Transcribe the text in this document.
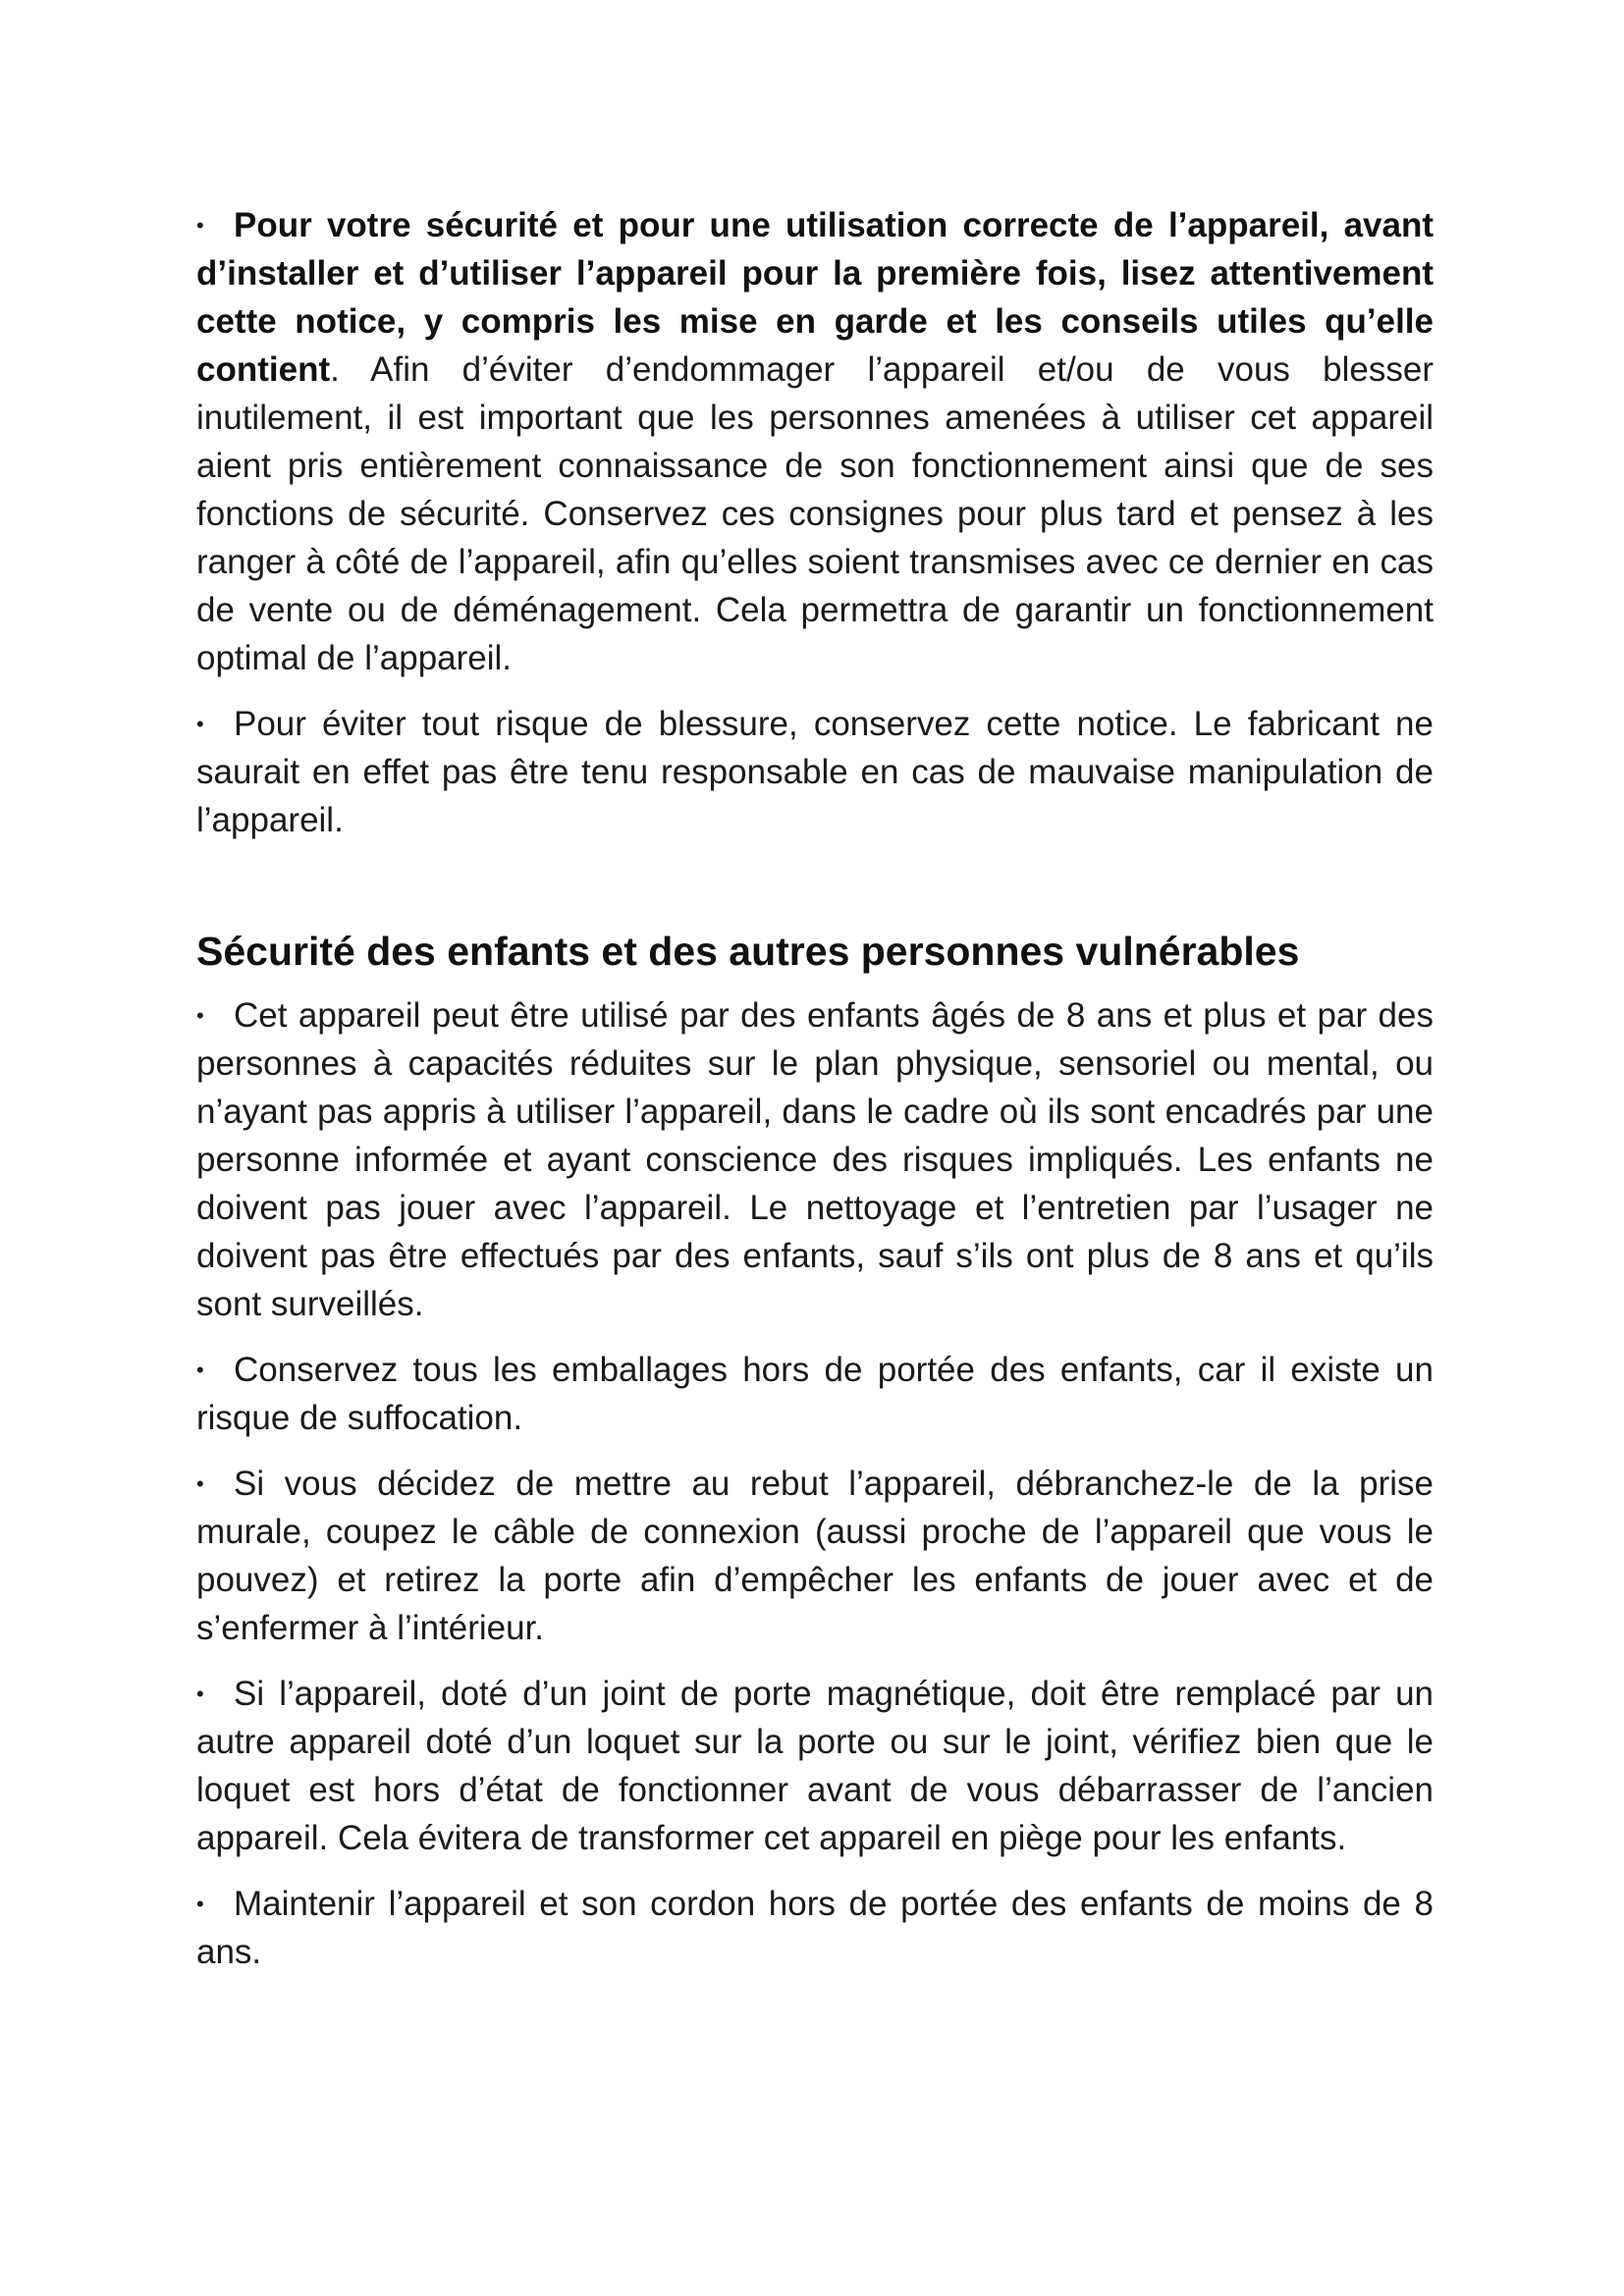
• Pour votre sécurité et pour une utilisation correcte de l’appareil, avant d’installer et d’utiliser l’appareil pour la première fois, lisez attentivement cette notice, y compris les mise en garde et les conseils utiles qu’elle contient. Afin d’éviter d’endommager l’appareil et/ou de vous blesser inutilement, il est important que les personnes amenées à utiliser cet appareil aient pris entièrement connaissance de son fonctionnement ainsi que de ses fonctions de sécurité. Conservez ces consignes pour plus tard et pensez à les ranger à côté de l’appareil, afin qu’elles soient transmises avec ce dernier en cas de vente ou de déménagement. Cela permettra de garantir un fonctionnement optimal de l’appareil.

• Pour éviter tout risque de blessure, conservez cette notice. Le fabricant ne saurait en effet pas être tenu responsable en cas de mauvaise manipulation de l’appareil.

Sécurité des enfants et des autres personnes vulnérables

• Cet appareil peut être utilisé par des enfants âgés de 8 ans et plus et par des personnes à capacités réduites sur le plan physique, sensoriel ou mental, ou n’ayant pas appris à utiliser l’appareil, dans le cadre où ils sont encadrés par une personne informée et ayant conscience des risques impliqués. Les enfants ne doivent pas jouer avec l’appareil. Le nettoyage et l’entretien par l’usager ne doivent pas être effectués par des enfants, sauf s’ils ont plus de 8 ans et qu’ils sont surveillés.

• Conservez tous les emballages hors de portée des enfants, car il existe un risque de suffocation.

• Si vous décidez de mettre au rebut l’appareil, débranchez-le de la prise murale, coupez le câble de connexion (aussi proche de l’appareil que vous le pouvez) et retirez la porte afin d’empêcher les enfants de jouer avec et de s’enfermer à l’intérieur.

• Si l’appareil, doté d’un joint de porte magnétique, doit être remplacé par un autre appareil doté d’un loquet sur la porte ou sur le joint, vérifiez bien que le loquet est hors d’état de fonctionner avant de vous débarrasser de l’ancien appareil. Cela évitera de transformer cet appareil en piège pour les enfants.

• Maintenir l’appareil et son cordon hors de portée des enfants de moins de 8 ans.
